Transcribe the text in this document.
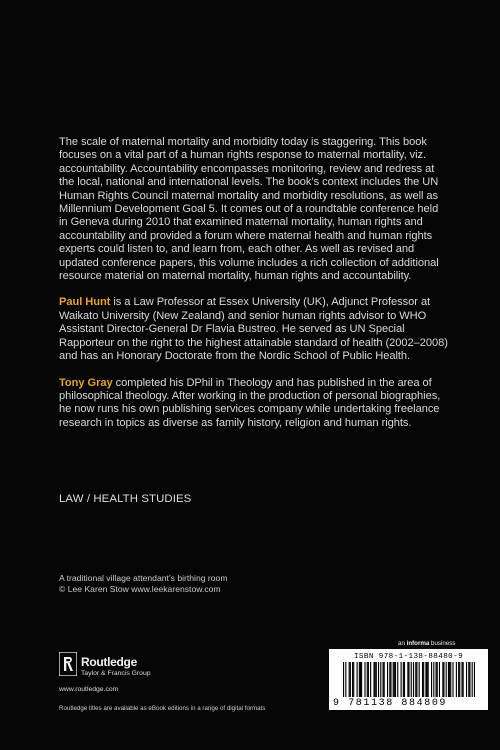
The scale of maternal mortality and morbidity today is staggering. This book focuses on a vital part of a human rights response to maternal mortality, viz. accountability. Accountability encompasses monitoring, review and redress at the local, national and international levels. The book’s context includes the UN Human Rights Council maternal mortality and morbidity resolutions, as well as Millennium Development Goal 5. It comes out of a roundtable conference held in Geneva during 2010 that examined maternal mortality, human rights and accountability and provided a forum where maternal health and human rights experts could listen to, and learn from, each other. As well as revised and updated conference papers, this volume includes a rich collection of additional resource material on maternal mortality, human rights and accountability.

Paul Hunt is a Law Professor at Essex University (UK), Adjunct Professor at Waikato University (New Zealand) and senior human rights advisor to WHO Assistant Director-General Dr Flavia Bustreo. He served as UN Special Rapporteur on the right to the highest attainable standard of health (2002–2008) and has an Honorary Doctorate from the Nordic School of Public Health.

Tony Gray completed his DPhil in Theology and has published in the area of philosophical theology. After working in the production of personal biographies, he now runs his own publishing services company while undertaking freelance research in topics as diverse as family history, religion and human rights.

LAW / HEALTH STUDIES
A traditional village attendant’s birthing room
© Lee Karen Stow www.leekarenstow.com
an informa business
ISBN 978-1-138-88480-9
9 781138 884809
Routledge
Taylor & Francis Group
www.routledge.com
Routledge titles are available as eBook editions in a range of digital formats
